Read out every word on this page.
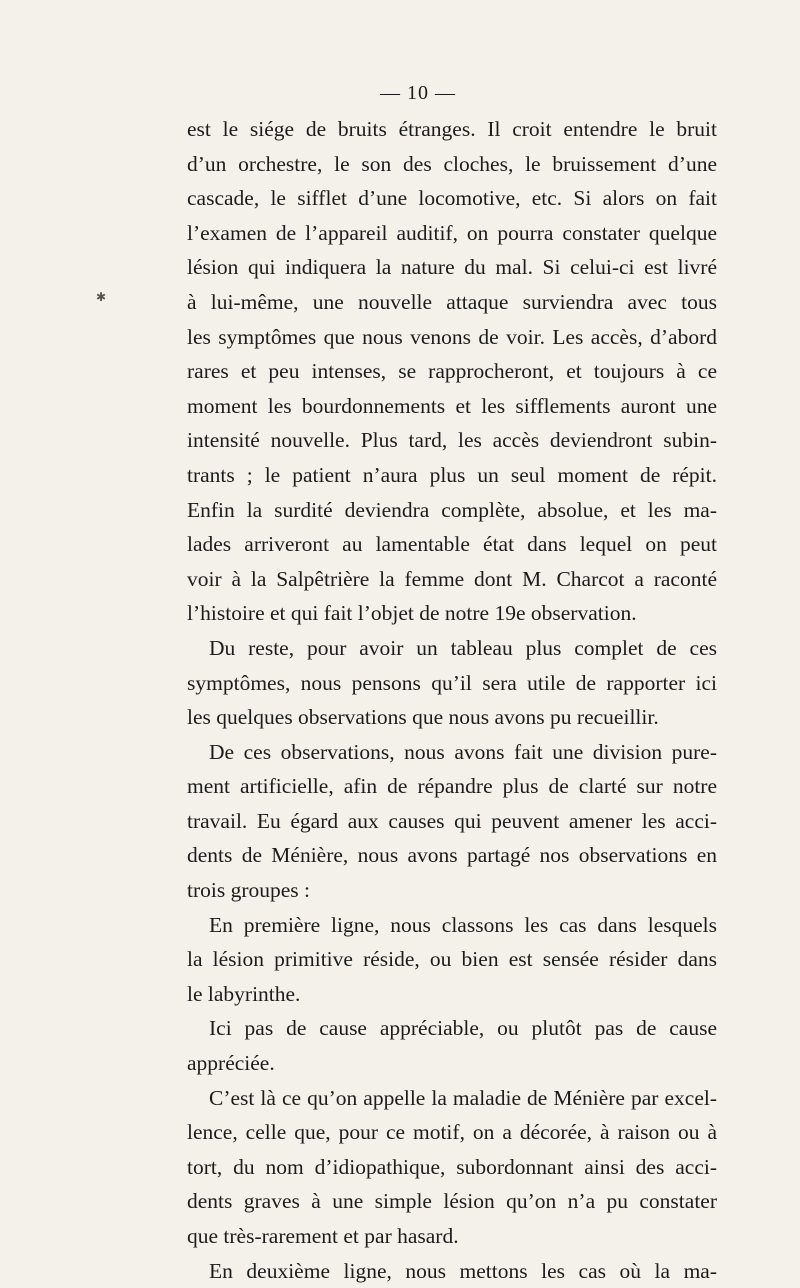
— 10 —
✱
est le siége de bruits étranges. Il croit entendre le bruit
d’un orchestre, le son des cloches, le bruissement d’une
cascade, le sifflet d’une locomotive, etc. Si alors on fait
l’examen de l’appareil auditif, on pourra constater quelque
lésion qui indiquera la nature du mal. Si celui-ci est livré
à lui-même, une nouvelle attaque surviendra avec tous
les symptômes que nous venons de voir. Les accès, d’abord
rares et peu intenses, se rapprocheront, et toujours à ce
moment les bourdonnements et les sifflements auront une
intensité nouvelle. Plus tard, les accès deviendront subin-
trants ; le patient n’aura plus un seul moment de répit.
Enfin la surdité deviendra complète, absolue, et les ma-
lades arriveront au lamentable état dans lequel on peut
voir à la Salpêtrière la femme dont M. Charcot a raconté
l’histoire et qui fait l’objet de notre 19e observation.
Du reste, pour avoir un tableau plus complet de ces
symptômes, nous pensons qu’il sera utile de rapporter ici
les quelques observations que nous avons pu recueillir.
De ces observations, nous avons fait une division pure-
ment artificielle, afin de répandre plus de clarté sur notre
travail. Eu égard aux causes qui peuvent amener les acci-
dents de Ménière, nous avons partagé nos observations en
trois groupes :
En première ligne, nous classons les cas dans lesquels
la lésion primitive réside, ou bien est sensée résider dans
le labyrinthe.
Ici pas de cause appréciable, ou plutôt pas de cause
appréciée.
C’est là ce qu’on appelle la maladie de Ménière par excel-
lence, celle que, pour ce motif, on a décorée, à raison ou à
tort, du nom d’idiopathique, subordonnant ainsi des acci-
dents graves à une simple lésion qu’on n’a pu constater
que très-rarement et par hasard.
En deuxième ligne, nous mettons les cas où la ma-
